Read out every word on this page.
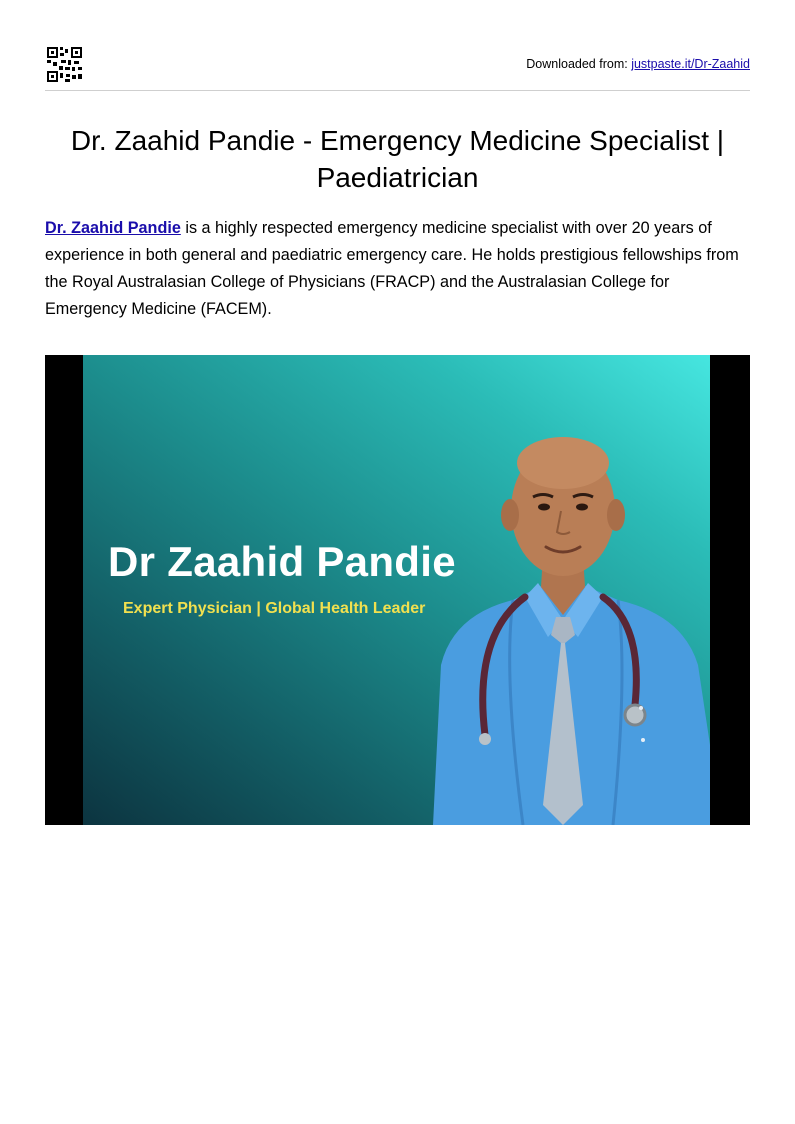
Downloaded from: justpaste.it/Dr-Zaahid
Dr. Zaahid Pandie - Emergency Medicine Specialist | Paediatrician

Dr. Zaahid Pandie is a highly respected emergency medicine specialist with over 20 years of experience in both general and paediatric emergency care. He holds prestigious fellowships from the Royal Australasian College of Physicians (FRACP) and the Australasian College for Emergency Medicine (FACEM).

Dr Zaahid Pandie
Expert Physician | Global Health Leader
